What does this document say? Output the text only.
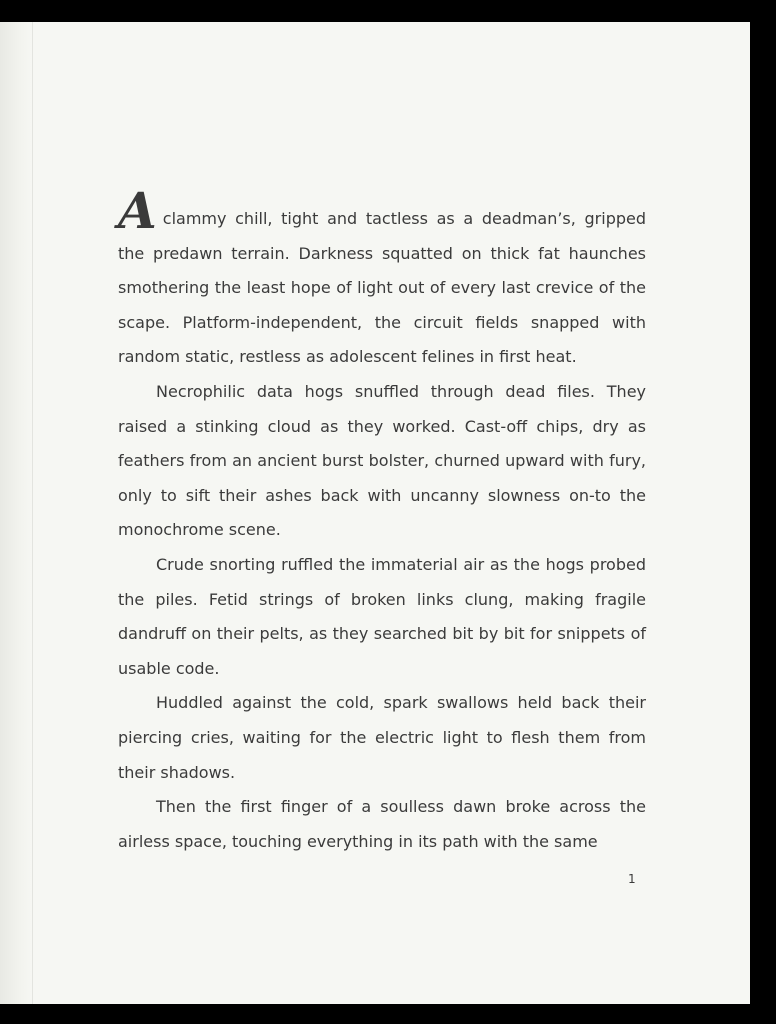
Aclammy chill, tight and tactless as a deadman’s, gripped the predawn terrain. Darkness squatted on thick fat haunches smothering the least hope of light out of every last crevice of the scape. Platform-independent, the circuit fields snapped with random static, restless as adolescent felines in first heat.

Necrophilic data hogs snuffled through dead files. They raised a stinking cloud as they worked. Cast-off chips, dry as feathers from an ancient burst bolster, churned upward with fury, only to sift their ashes back with uncanny slowness on-to the monochrome scene.

Crude snorting ruffled the immaterial air as the hogs probed the piles. Fetid strings of broken links clung, making fragile dandruff on their pelts, as they searched bit by bit for snippets of usable code.

Huddled against the cold, spark swallows held back their piercing cries, waiting for the electric light to flesh them from their shadows.

Then the first finger of a soulless dawn broke across the airless space, touching everything in its path with the same

1
